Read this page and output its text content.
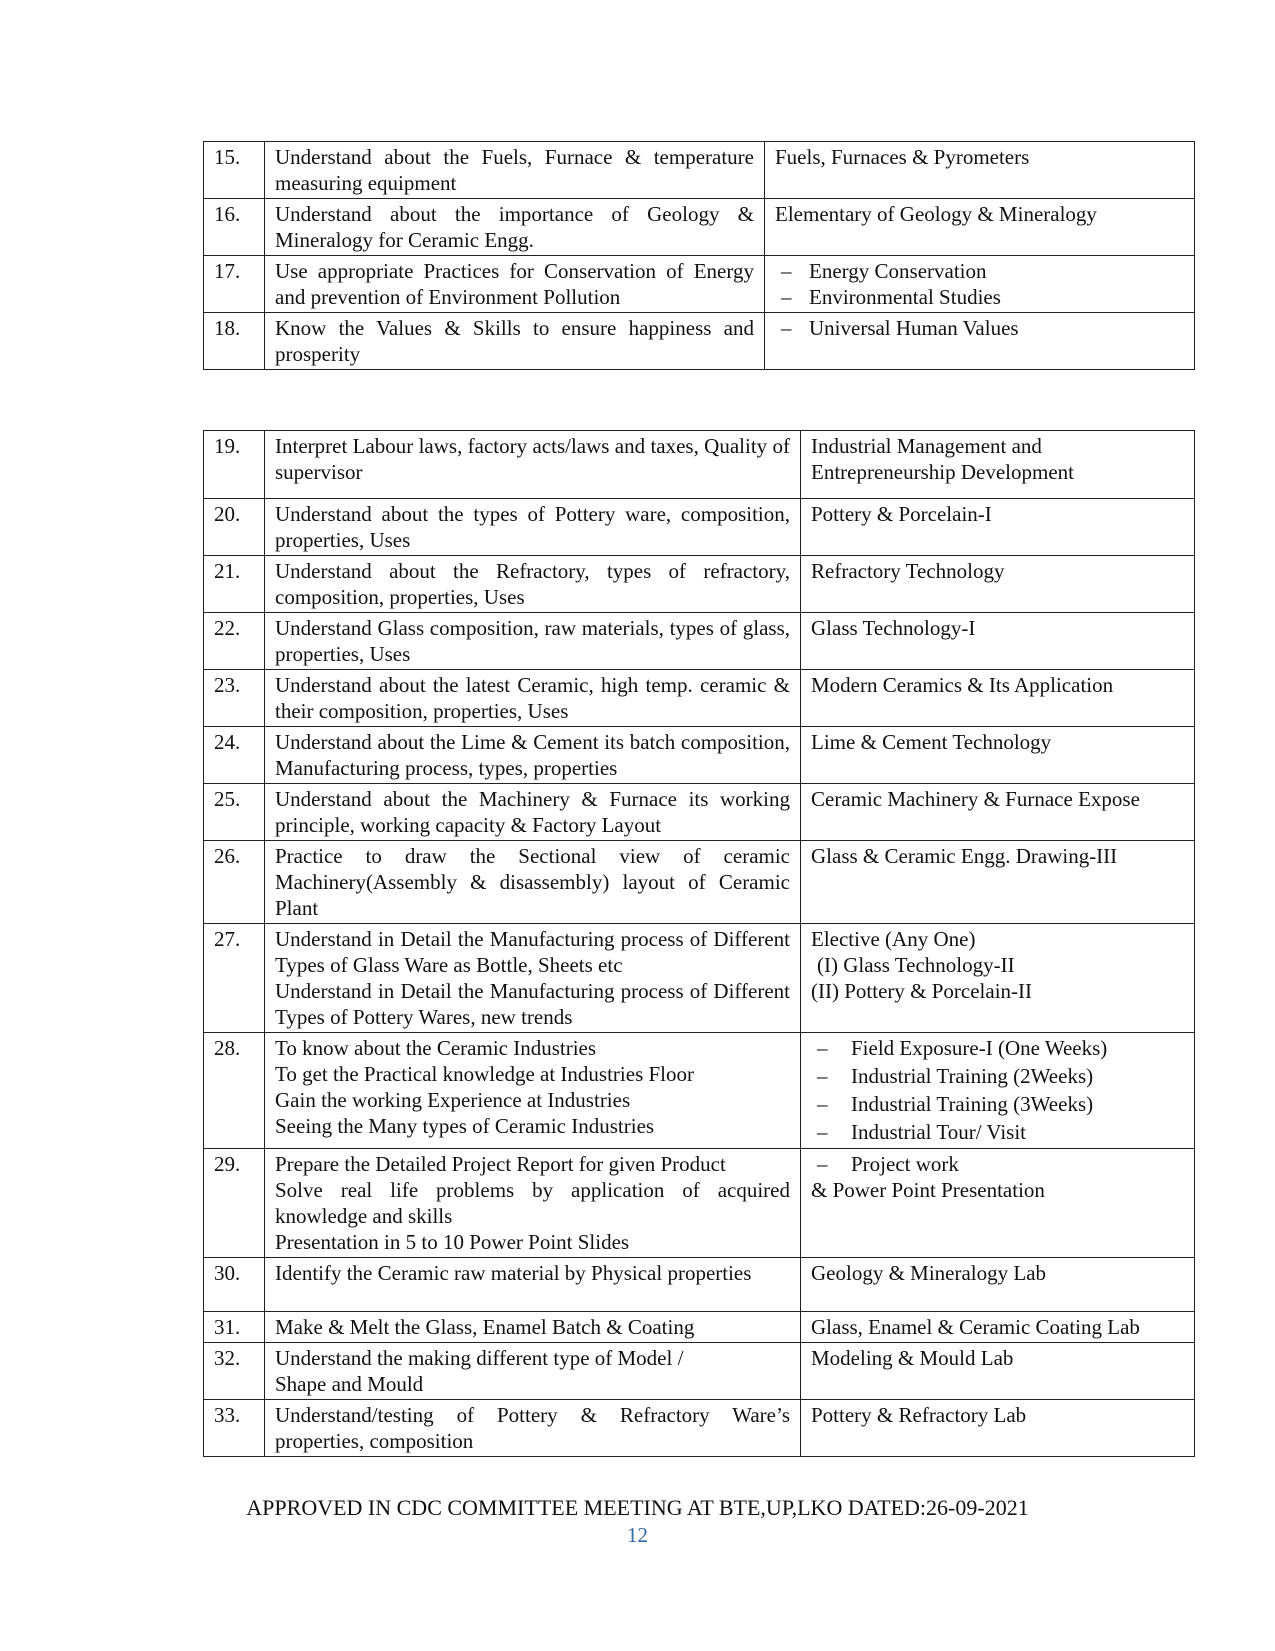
15.	Understand about the Fuels, Furnace & temperature measuring equipment	Fuels, Furnaces & Pyrometers
16.	Understand about the importance of Geology & Mineralogy for Ceramic Engg.	Elementary of Geology & Mineralogy
17.	Use appropriate Practices for Conservation of Energy and prevention of Environment Pollution	– Energy Conservation
– Environmental Studies

18.	Know the Values & Skills to ensure happiness and prosperity	– Universal Human Values
19.	Interpret Labour laws, factory acts/laws and taxes, Quality of supervisor	Industrial Management and
Entrepreneurship Development

20.	Understand about the types of Pottery ware, composition, properties, Uses	Pottery & Porcelain-I
21.	Understand about the Refractory, types of refractory, composition, properties, Uses	Refractory Technology
22.	Understand Glass composition, raw materials, types of glass, properties, Uses	Glass Technology-I
23.	Understand about the latest Ceramic, high temp. ceramic & their composition, properties, Uses	Modern Ceramics & Its Application
24.	Understand about the Lime & Cement its batch composition, Manufacturing process, types, properties	Lime & Cement Technology
25.	Understand about the Machinery & Furnace its working principle, working capacity & Factory Layout	Ceramic Machinery & Furnace Expose
26.	Practice to draw the Sectional view of ceramic Machinery(Assembly & disassembly) layout of Ceramic Plant	Glass & Ceramic Engg. Drawing-III
27.	Understand in Detail the Manufacturing process of Different Types of Glass Ware as Bottle, Sheets etc
Understand in Detail the Manufacturing process of Different Types of Pottery Wares, new trends	Elective (Any One)
(I) Glass Technology-II
(II) Pottery & Porcelain-II

28.	To know about the Ceramic Industries
To get the Practical knowledge at Industries Floor
Gain the working Experience at Industries
Seeing the Many types of Ceramic Industries	– Field Exposure-I (One Weeks)
– Industrial Training (2Weeks)
– Industrial Training (3Weeks)
– Industrial Tour/ Visit

29.	Prepare the Detailed Project Report for given Product
Solve real life problems by application of acquired knowledge and skills
Presentation in 5 to 10 Power Point Slides	– Project work
& Power Point Presentation

30.	Identify the Ceramic raw material by Physical properties	Geology & Mineralogy Lab
31.	Make & Melt the Glass, Enamel Batch & Coating	Glass, Enamel & Ceramic Coating Lab
32.	Understand the making different type of Model /
Shape and Mould	Modeling & Mould Lab
33.	Understand/testing of Pottery & Refractory Ware’s properties, composition	Pottery & Refractory Lab
APPROVED IN CDC COMMITTEE MEETING AT BTE,UP,LKO DATED:26-09-2021
12
